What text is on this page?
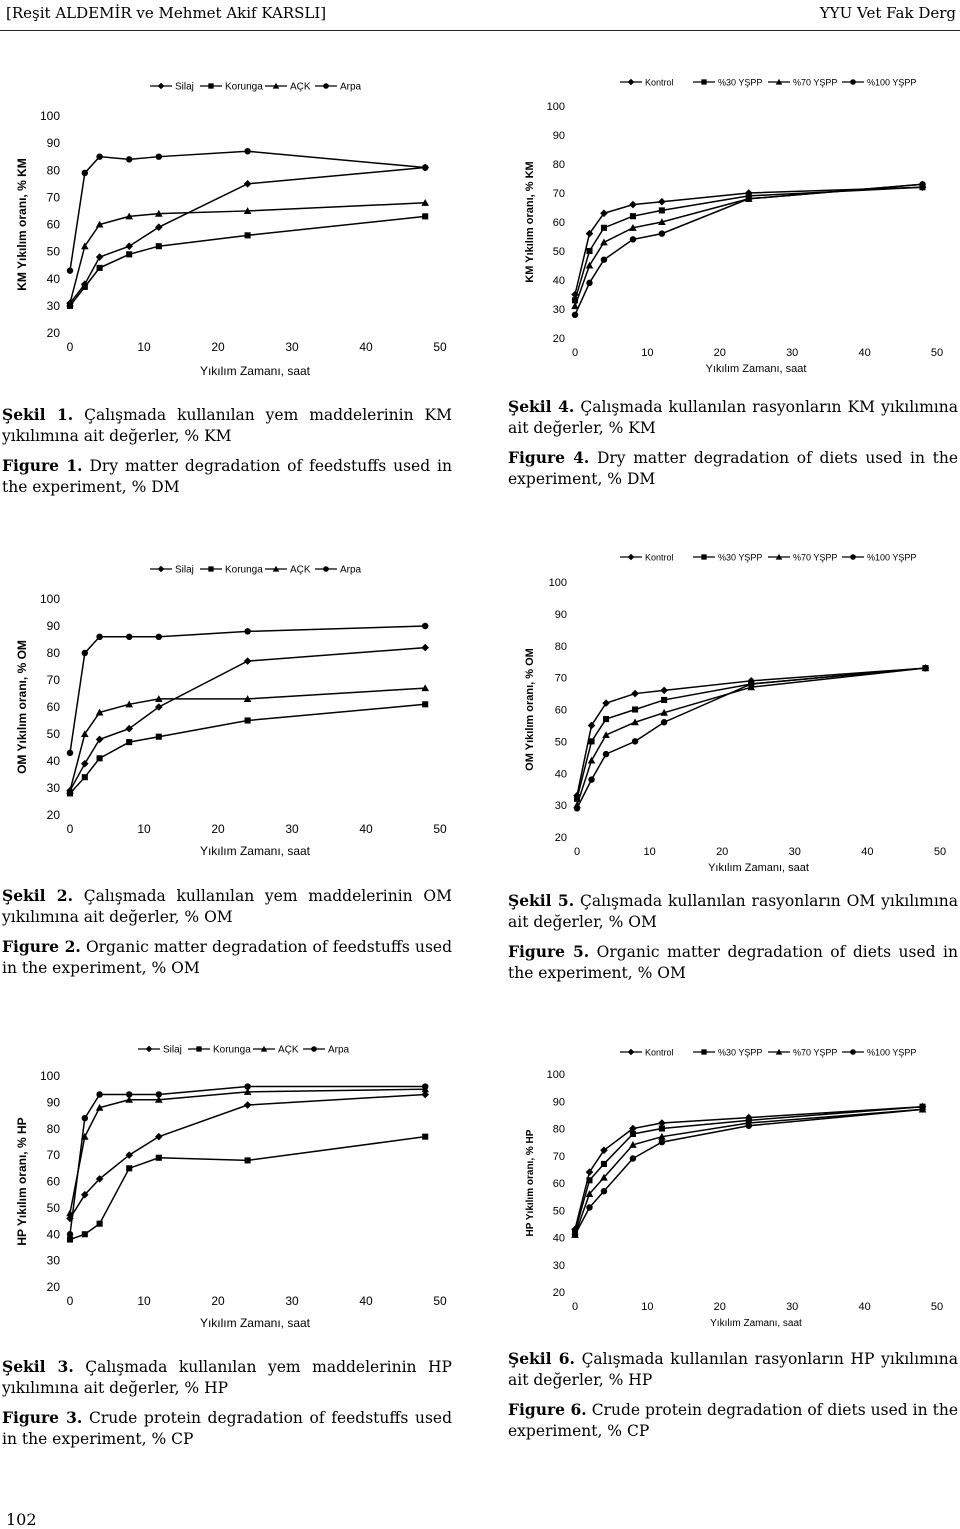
[Reşit ALDEMİR ve Mehmet Akif KARSLI]	YYU Vet Fak Derg
20
30
40
50
60
70
80
90
100
0	10	20	30	40	50
Yıkılım Zamanı, saat
KM Yıkılım oranı, % KM
Silaj	Korunga	AÇK	Arpa
20
30
40
50
60
70
80
90
100
0	10	20	30	40	50
Yıkılım Zamanı, saat
KM Yıkılım oranı, % KM
Kontrol	%30 YŞPP	%70 YŞPP	%100 YŞPP
20
30
40
50
60
70
80
90
100
0	10	20	30	40	50
Yıkılım Zamanı, saat
OM Yıkılım oranı, % OM
Silaj	Korunga	AÇK	Arpa
20
30
40
50
60
70
80
90
100
0	10	20	30	40	50
Yıkılım Zamanı, saat
OM Yıkılım oranı, % OM
Kontrol	%30 YŞPP	%70 YŞPP	%100 YŞPP
20
30
40
50
60
70
80
90
100
0	10	20	30	40	50
Yıkılım Zamanı, saat
HP Yıkılım oranı, % HP
Silaj	Korunga	AÇK	Arpa
20
30
40
50
60
70
80
90
100
0	10	20	30	40	50
Yıkılım Zamanı, saat
HP Yıkılım oranı, % HP
Kontrol	%30 YŞPP	%70 YŞPP	%100 YŞPP

Şekil 1. Çalışmada kullanılan yem maddelerinin KM yıkılımına ait değerler, % KM

Figure 1. Dry matter degradation of feedstuffs used in the experiment, % DM

Şekil 4. Çalışmada kullanılan rasyonların KM yıkılımına ait değerler, % KM

Figure 4. Dry matter degradation of diets used in the experiment, % DM

Şekil 2. Çalışmada kullanılan yem maddelerinin OM yıkılımına ait değerler, % OM

Figure 2. Organic matter degradation of feedstuffs used in the experiment, % OM

Şekil 5. Çalışmada kullanılan rasyonların OM yıkılımına ait değerler, % OM

Figure 5. Organic matter degradation of diets used in the experiment, % OM

Şekil 3. Çalışmada kullanılan yem maddelerinin HP yıkılımına ait değerler, % HP

Figure 3. Crude protein degradation of feedstuffs used in the experiment, % CP

Şekil 6. Çalışmada kullanılan rasyonların HP yıkılımına ait değerler, % HP

Figure 6. Crude protein degradation of diets used in the experiment, % CP

102
